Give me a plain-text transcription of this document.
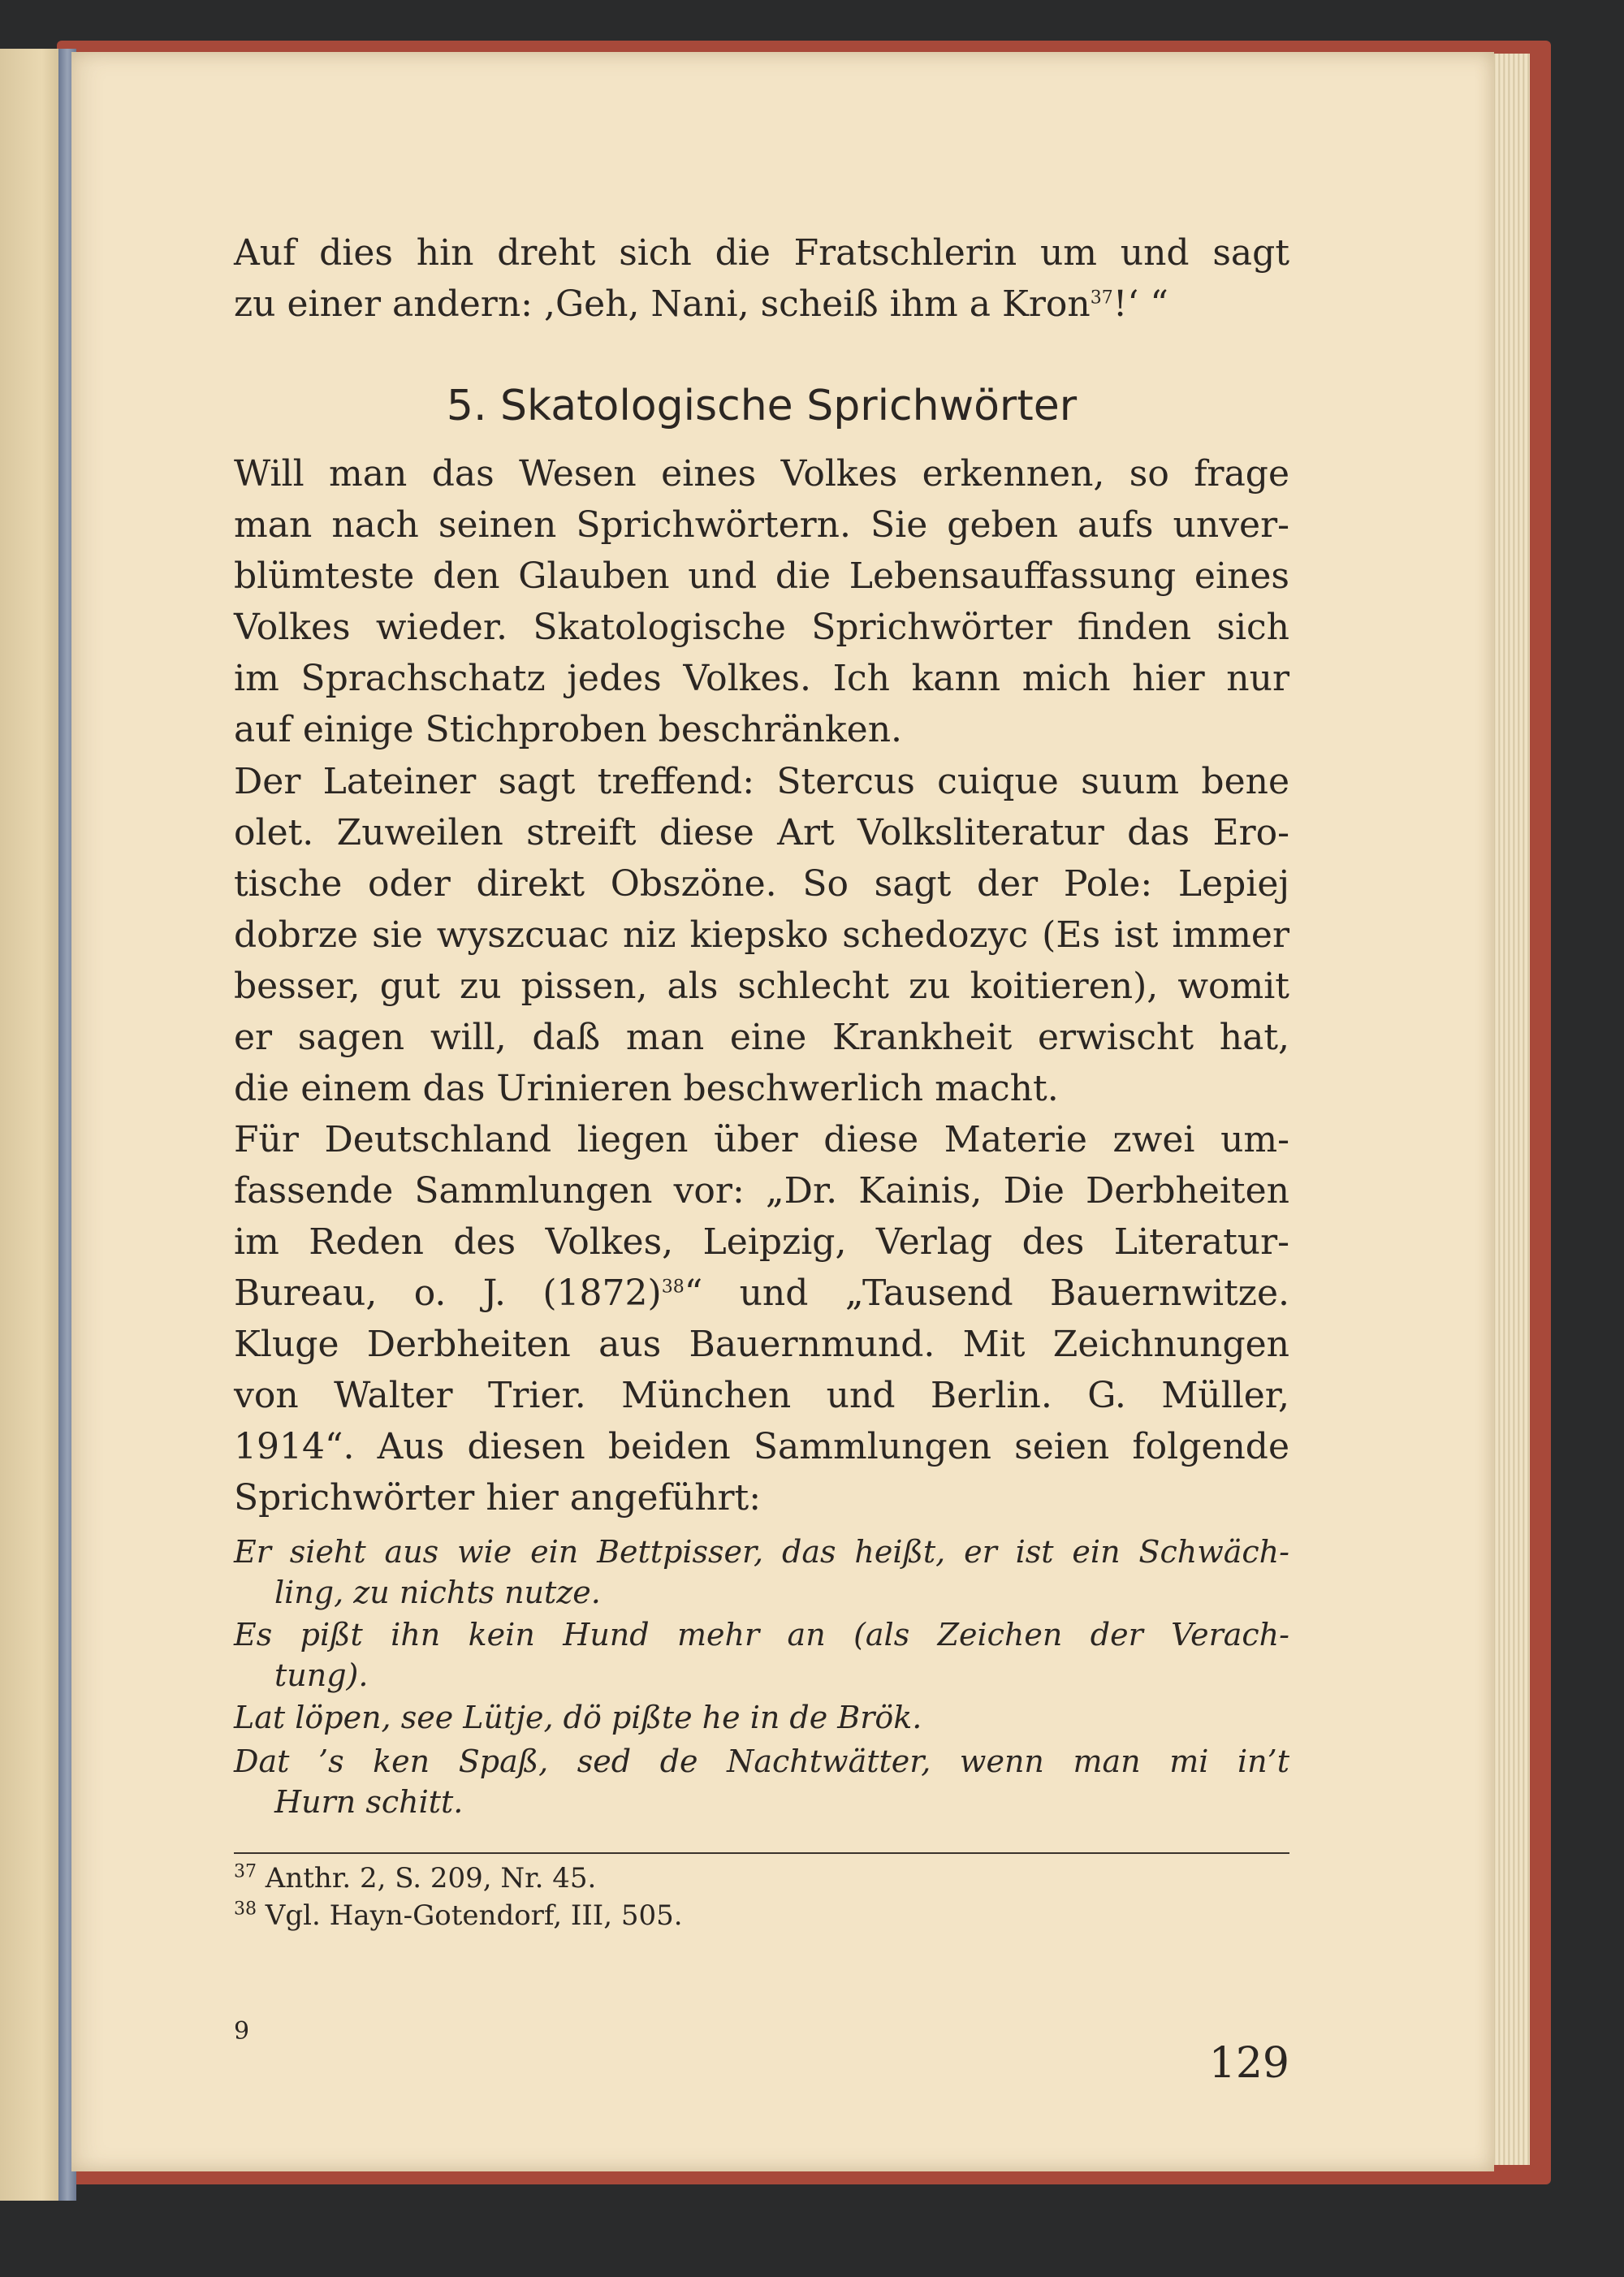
Auf dies hin dreht sich die Fratschlerin um und sagt
zu einer andern: ,Geh, Nani, scheiß ihm a Kron$^{37}$!‘ “
5. Skatologische Sprichwörter
Will man das Wesen eines Volkes erkennen, so frage
man nach seinen Sprichwörtern. Sie geben aufs unver-
blümteste den Glauben und die Lebensauffassung eines
Volkes wieder. Skatologische Sprichwörter finden sich
im Sprachschatz jedes Volkes. Ich kann mich hier nur
auf einige Stichproben beschränken.
Der Lateiner sagt treffend: Stercus cuique suum bene
olet. Zuweilen streift diese Art Volksliteratur das Ero-
tische oder direkt Obszöne. So sagt der Pole: Lepiej
dobrze sie wyszcuac niz kiepsko schedozyc (Es ist immer
besser, gut zu pissen, als schlecht zu koitieren), womit
er sagen will, daß man eine Krankheit erwischt hat,
die einem das Urinieren beschwerlich macht.
Für Deutschland liegen über diese Materie zwei um-
fassende Sammlungen vor: „Dr. Kainis, Die Derbheiten
im Reden des Volkes, Leipzig, Verlag des Literatur-
Bureau, o. J. (1872)$^{38}$“ und „Tausend Bauernwitze.
Kluge Derbheiten aus Bauernmund. Mit Zeichnungen
von Walter Trier. München und Berlin. G. Müller,
1914“. Aus diesen beiden Sammlungen seien folgende
Sprichwörter hier angeführt:
Er sieht aus wie ein Bettpisser, das heißt, er ist ein Schwäch-
ling, zu nichts nutze.
Es pißt ihn kein Hund mehr an (als Zeichen der Verach-
tung).
Lat löpen, see Lütje, dö pißte he in de Brök.
Dat ’s ken Spaß, sed de Nachtwätter, wenn man mi in’t
Hurn schitt.
$^{37}$ Anthr. 2, S. 209, Nr. 45.
$^{38}$ Vgl. Hayn-Gotendorf, III, 505.
9
129
